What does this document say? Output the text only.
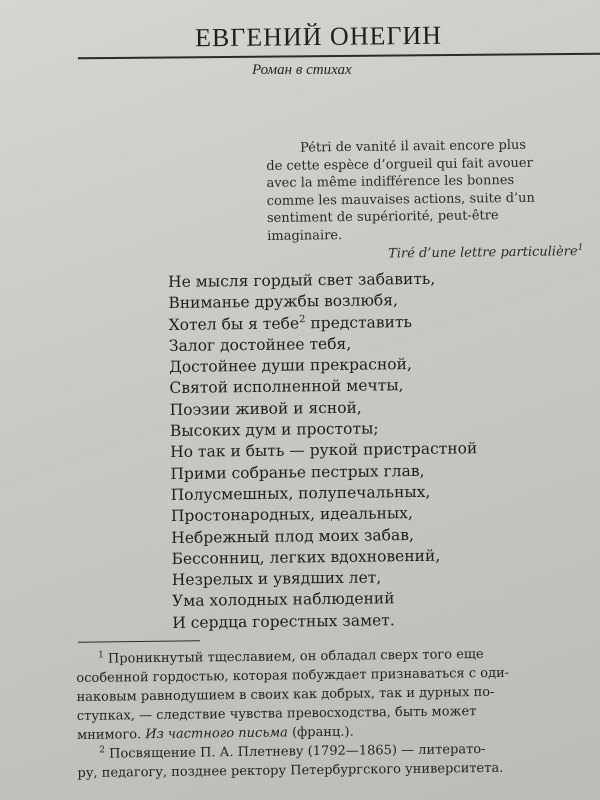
ЕВГЕНИЙ ОНЕГИН
Роман в стихах
Pétri de vanité il avait encore plus
de cette espèce d’orgueil qui fait avouer
avec la même indifférence les bonnes
comme les mauvaises actions, suite d’un
sentiment de supériorité, peut-être
imaginaire.
Tiré d’une lettre particulière$^1$
Не мысля гордый свет забавить,
Вниманье дружбы возлюбя,
Хотел бы я тебе$^2$ представить
Залог достойнее тебя,
Достойнее души прекрасной,
Святой исполненной мечты,
Поэзии живой и ясной,
Высоких дум и простоты;
Но так и быть — рукой пристрастной
Прими собранье пестрых глав,
Полусмешных, полупечальных,
Простонародных, идеальных,
Небрежный плод моих забав,
Бессонниц, легких вдохновений,
Незрелых и увядших лет,
Ума холодных наблюдений
И сердца горестных замет.
$^1$ Проникнутый тщеславием, он обладал сверх того еще
особенной гордостью, которая побуждает признаваться с оди-
наковым равнодушием в своих как добрых, так и дурных по-
ступках, — следствие чувства превосходства, быть может
мнимого. Из частного письма (франц.).
$^2$ Посвящение П. А. Плетневу (1792—1865) — литерато-
ру, педагогу, позднее ректору Петербургского университета.
